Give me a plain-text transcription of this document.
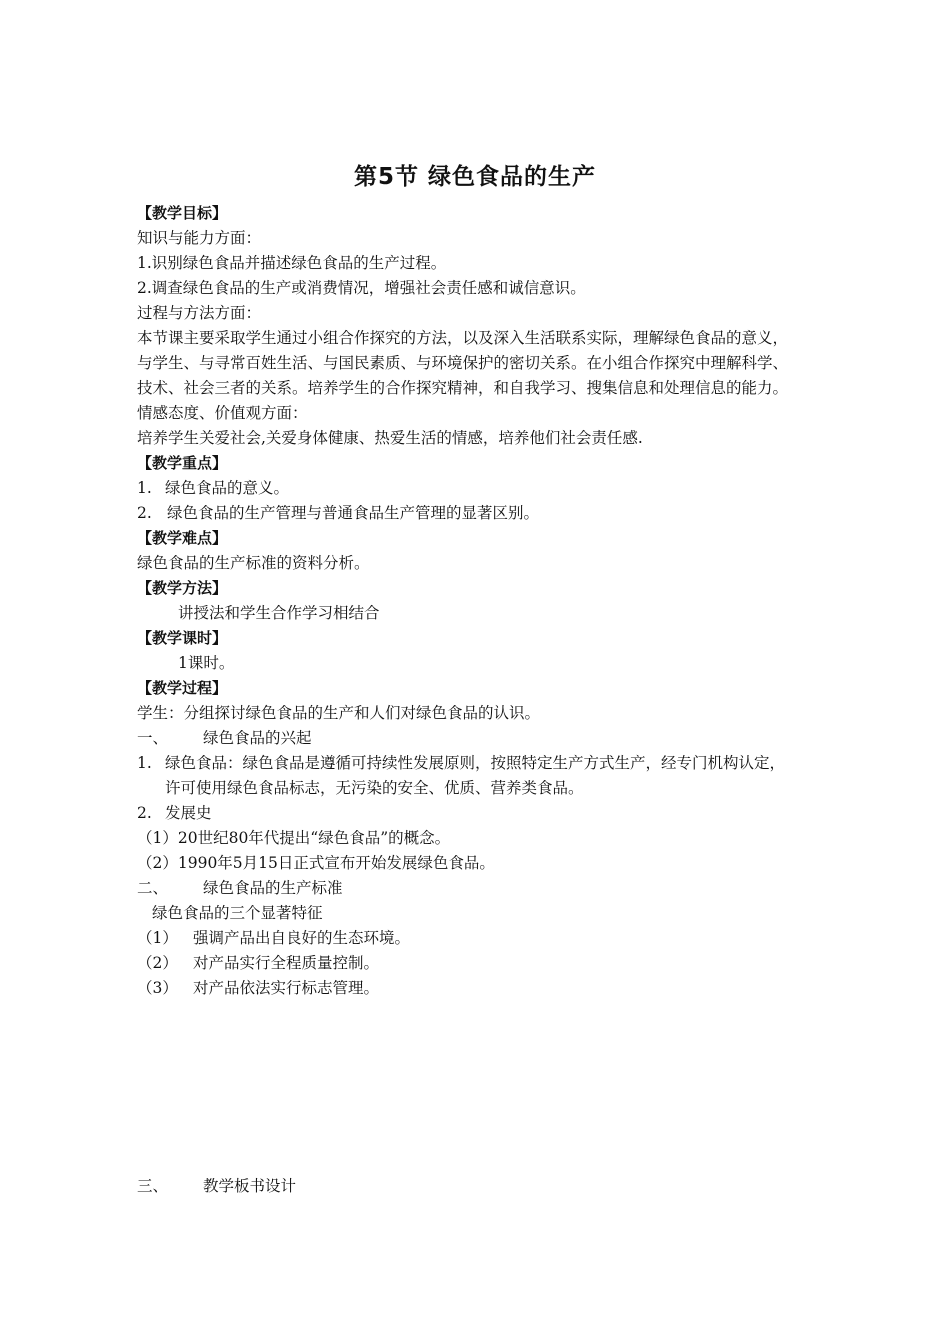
第5节 绿色食品的生产
【教学目标】
知识与能力方面：
1.识别绿色食品并描述绿色食品的生产过程。
2.调查绿色食品的生产或消费情况，增强社会责任感和诚信意识。
过程与方法方面：
本节课主要采取学生通过小组合作探究的方法，以及深入生活联系实际，理解绿色食品的意义，
与学生、与寻常百姓生活、与国民素质、与环境保护的密切关系。在小组合作探究中理解科学、
技术、社会三者的关系。培养学生的合作探究精神，和自我学习、搜集信息和处理信息的能力。
情感态度、价值观方面：
培养学生关爱社会,关爱身体健康、热爱生活的情感，培养他们社会责任感.
【教学重点】
1. 绿色食品的意义。
2. 绿色食品的生产管理与普通食品生产管理的显著区别。
【教学难点】
绿色食品的生产标准的资料分析。
【教学方法】
讲授法和学生合作学习相结合
【教学课时】
1课时。
【教学过程】
学生：分组探讨绿色食品的生产和人们对绿色食品的认识。
一、 绿色食品的兴起
1. 绿色食品：绿色食品是遵循可持续性发展原则，按照特定生产方式生产，经专门机构认定，
许可使用绿色食品标志，无污染的安全、优质、营养类食品。
2. 发展史
（1）20世纪80年代提出“绿色食品”的概念。
（2）1990年5月15日正式宣布开始发展绿色食品。
二、 绿色食品的生产标准
绿色食品的三个显著特征
（1） 强调产品出自良好的生态环境。
（2） 对产品实行全程质量控制。
（3） 对产品依法实行标志管理。
三、 教学板书设计
